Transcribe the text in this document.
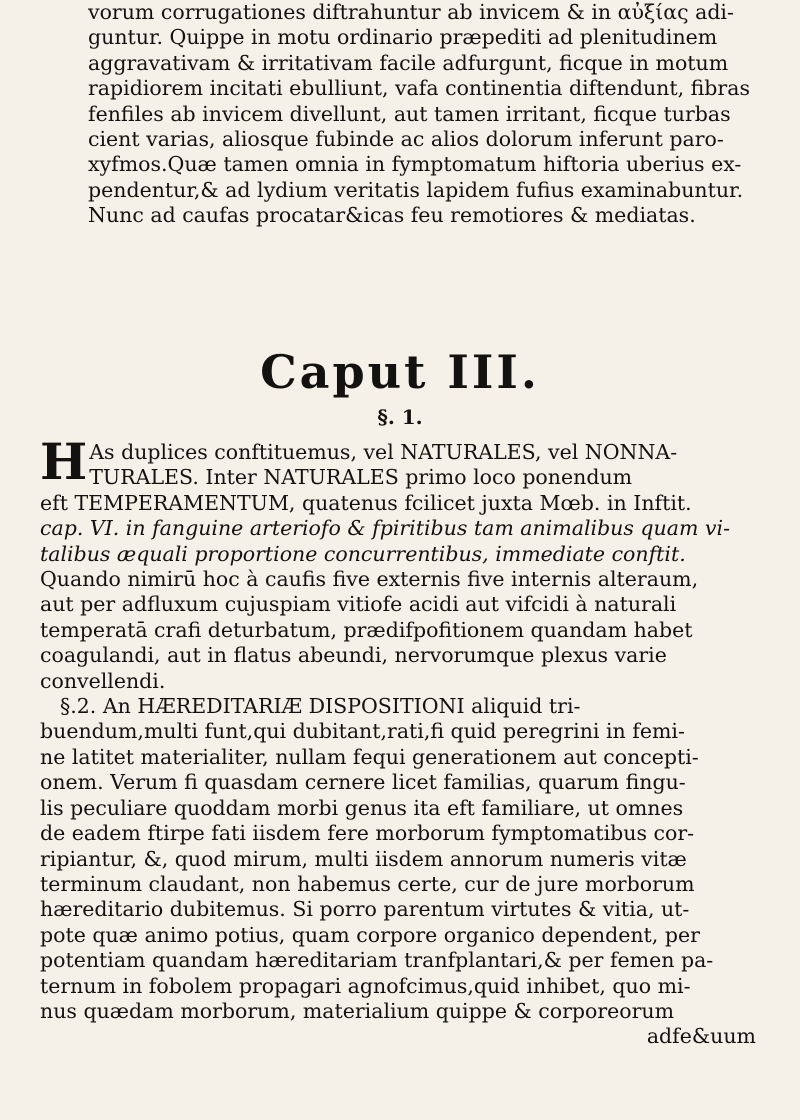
vorum corrugationes diftrahuntur ab invicem & in αὐξίας adi-
guntur. Quippe in motu ordinario præpediti ad plenitudinem
aggravativam & irritativam facile adfurgunt, ficque in motum
rapidiorem incitati ebulliunt, vafa continentia diftendunt, fibras
fenfiles ab invicem divellunt, aut tamen irritant, ficque turbas
cient varias, aliosque fubinde ac alios dolorum inferunt paro-
xyfmos.Quæ tamen omnia in fymptomatum hiftoria uberius ex-
pendentur,& ad lydium veritatis lapidem fufius examinabuntur.
Nunc ad caufas procatar&icas feu remotiores & mediatas.
Caput III.
§. 1.
H As duplices conftituemus, vel NATURALES, vel NONNA-
TURALES. Inter NATURALES primo loco ponendum
eft TEMPERAMENTUM, quatenus fcilicet juxta Mœb. in Inftit.
cap. VI. in fanguine arteriofo & fpiritibus tam animalibus quam vi-
talibus æquali proportione concurrentibus, immediate conftit.
Quando nimirū hoc à caufis five externis five internis alteraum,
aut per adfluxum cujuspiam vitiofe acidi aut vifcidi à naturali
temperatā crafi deturbatum, prædifpofitionem quandam habet
coagulandi, aut in flatus abeundi, nervorumque plexus varie
convellendi.
§.2. An HÆREDITARIÆ DISPOSITIONI aliquid tri-
buendum,multi funt,qui dubitant,rati,fi quid peregrini in femi-
ne latitet materialiter, nullam fequi generationem aut concepti-
onem. Verum fi quasdam cernere licet familias, quarum fingu-
lis peculiare quoddam morbi genus ita eft familiare, ut omnes
de eadem ftirpe fati iisdem fere morborum fymptomatibus cor-
ripiantur, &, quod mirum, multi iisdem annorum numeris vitæ
terminum claudant, non habemus certe, cur de jure morborum
hæreditario dubitemus. Si porro parentum virtutes & vitia, ut-
pote quæ animo potius, quam corpore organico dependent, per
potentiam quandam hæreditariam tranfplantari,& per femen pa-
ternum in fobolem propagari agnofcimus,quid inhibet, quo mi-
nus quædam morborum, materialium quippe & corporeorum
adfe&uum
